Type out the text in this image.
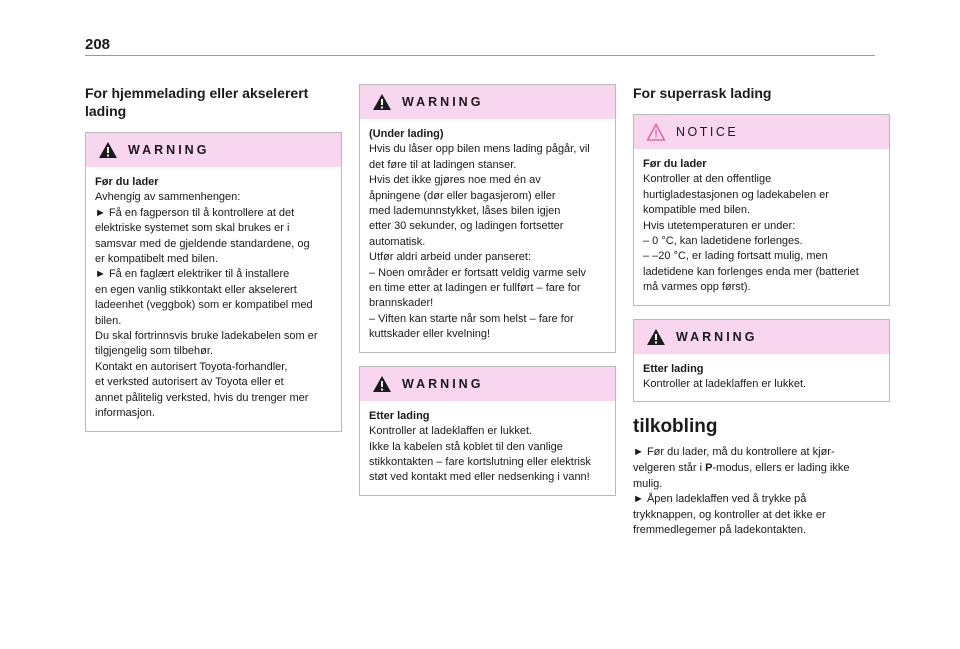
208
For hjemmelading eller akselerert lading
WARNING

Før du lader

Avhengig av sammenhengen:

► Få en fagperson til å kontrollere at det

elektriske systemet som skal brukes er i

samsvar med de gjeldende standardene, og

er kompatibelt med bilen.

► Få en faglært elektriker til å installere

en egen vanlig stikkontakt eller akselerert

ladeenhet (veggbok) som er kompatibel med

bilen.

Du skal fortrinnsvis bruke ladekabelen som er

tilgjengelig som tilbehør.

Kontakt en autorisert Toyota-forhandler,

et verksted autorisert av Toyota eller et

annet pålitelig verksted, hvis du trenger mer

informasjon.

WARNING

(Under lading)

Hvis du låser opp bilen mens lading pågår, vil

det føre til at ladingen stanser.

Hvis det ikke gjøres noe med én av

åpningene (dør eller bagasjerom) eller

med lademunnstykket, låses bilen igjen

etter 30 sekunder, og ladingen fortsetter

automatisk.

Utfør aldri arbeid under panseret:

– Noen områder er fortsatt veldig varme selv

en time etter at ladingen er fullført – fare for

brannskader!

– Viften kan starte når som helst – fare for

kuttskader eller kvelning!

WARNING

Etter lading

Kontroller at ladeklaffen er lukket.

Ikke la kabelen stå koblet til den vanlige

stikkontakten – fare kortslutning eller elektrisk

støt ved kontakt med eller nedsenking i vann!

For superrask lading
NOTICE

Før du lader

Kontroller at den offentlige

hurtigladestasjonen og ladekabelen er

kompatible med bilen.

Hvis utetemperaturen er under:

– 0 °C, kan ladetidene forlenges.

– –20 °C, er lading fortsatt mulig, men

ladetidene kan forlenges enda mer (batteriet

må varmes opp først).

WARNING

Etter lading

Kontroller at ladeklaffen er lukket.

tilkobling

► Før du lader, må du kontrollere at kjør-

velgeren står i P-modus, ellers er lading ikke

mulig.

► Åpen ladeklaffen ved å trykke på

trykknappen, og kontroller at det ikke er

fremmedlegemer på ladekontakten.
